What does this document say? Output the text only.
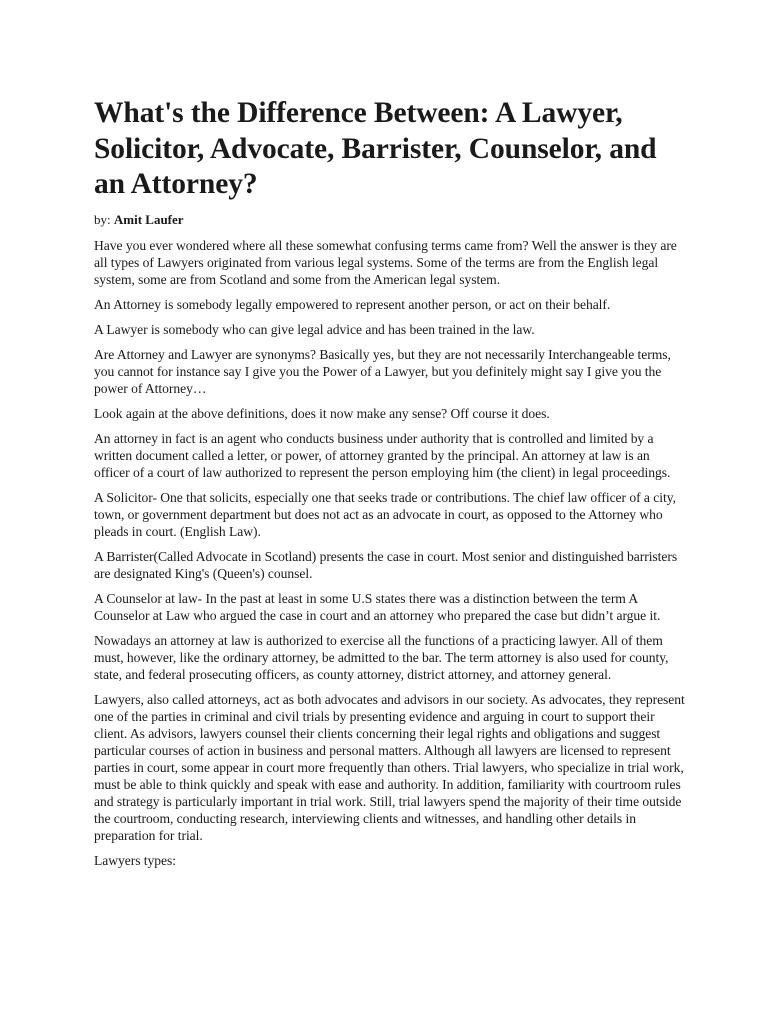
What's the Difference Between: A Lawyer, Solicitor, Advocate, Barrister, Counselor, and an Attorney?
by: Amit Laufer

Have you ever wondered where all these somewhat confusing terms came from? Well the answer is they are all types of Lawyers originated from various legal systems. Some of the terms are from the English legal system, some are from Scotland and some from the American legal system.

An Attorney is somebody legally empowered to represent another person, or act on their behalf.

A Lawyer is somebody who can give legal advice and has been trained in the law.

Are Attorney and Lawyer are synonyms? Basically yes, but they are not necessarily Interchangeable terms, you cannot for instance say I give you the Power of a Lawyer, but you definitely might say I give you the power of Attorney…

Look again at the above definitions, does it now make any sense? Off course it does.

An attorney in fact is an agent who conducts business under authority that is controlled and limited by a written document called a letter, or power, of attorney granted by the principal. An attorney at law is an officer of a court of law authorized to represent the person employing him (the client) in legal proceedings.

A Solicitor- One that solicits, especially one that seeks trade or contributions. The chief law officer of a city, town, or government department but does not act as an advocate in court, as opposed to the Attorney who pleads in court. (English Law).

A Barrister(Called Advocate in Scotland) presents the case in court. Most senior and distinguished barristers are designated King's (Queen's) counsel.

A Counselor at law- In the past at least in some U.S states there was a distinction between the term A Counselor at Law who argued the case in court and an attorney who prepared the case but didn’t argue it.

Nowadays an attorney at law is authorized to exercise all the functions of a practicing lawyer. All of them must, however, like the ordinary attorney, be admitted to the bar. The term attorney is also used for county, state, and federal prosecuting officers, as county attorney, district attorney, and attorney general.

Lawyers, also called attorneys, act as both advocates and advisors in our society. As advocates, they represent one of the parties in criminal and civil trials by presenting evidence and arguing in court to support their client. As advisors, lawyers counsel their clients concerning their legal rights and obligations and suggest particular courses of action in business and personal matters. Although all lawyers are licensed to represent parties in court, some appear in court more frequently than others. Trial lawyers, who specialize in trial work, must be able to think quickly and speak with ease and authority. In addition, familiarity with courtroom rules and strategy is particularly important in trial work. Still, trial lawyers spend the majority of their time outside the courtroom, conducting research, interviewing clients and witnesses, and handling other details in preparation for trial.

Lawyers types:
